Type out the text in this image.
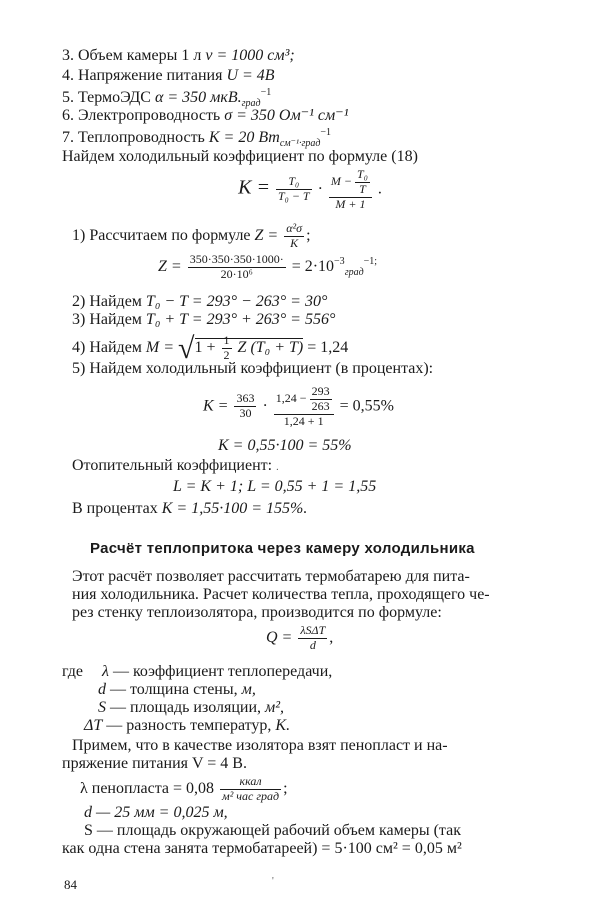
3. Объем камеры 1 л v = 1000 см³;
4. Напряжение питания U = 4В
5. ТермоЭДС α = 350 $мкВ._{град}^{-1}$
6. Электропроводность σ = 350 Ом⁻¹ см⁻¹
7. Теплопроводность K = 20 $Вт_{см^{-1}\cdot град}^{-1}$
Найдем холодильный коэффициент по формуле (18)
$K = \frac{\text{T₀}}{\text{T₀ − T}} \cdot \frac{M - \frac{\text{T₀}}{T}}{M + 1}$ .
1) Рассчитаем по формуле $Z = \frac{\text{α²σ}}{K}$ ;
$Z = \frac{350\cdot 350\cdot 350\cdot 1000\cdot}{\text{20·10⁶}} = 2\cdot 10^{-3}_{град}^{-1;}$
2) Найдем T₀ − T = 293° − 263° = 30°
3) Найдем T₀ + T = 293° + 263° = 556°
4) Найдем $M = √1 + \frac{1}{2}$ Z (T₀ + T) = 1,24
5) Найдем холодильный коэффициент (в процентах):
$K = \frac{363}{30} \cdot \frac{1,24 - \frac{293}{263}}{1,24 + 1} = 0,55\%$
K = 0,55·100 = 55%
Отопительный коэффициент: .
L = K + 1; L = 0,55 + 1 = 1,55
В процентах K = 1,55·100 = 155%.
Расчёт теплопритока через камеру холодильника
Этот расчёт позволяет рассчитать термобатарею для пита-
ния холодильника. Расчет количества тепла, проходящего че-
рез стенку теплоизолятора, производится по формуле:
$Q = \frac{\text{λSΔT}}{d}$ ,
где λ — коэффициент теплопередачи,
d — толщина стены, м,
S — площадь изоляции, м²,
ΔT — разность температур, K.
Примем, что в качестве изолятора взят пенопласт и на-
пряжение питания V = 4 В.
λ пенопласта = $0,08 \frac{\text{ккал}}{\text{м² час град}}$ ;
d — 25 мм = 0,025 м,
S — площадь окружающей рабочий объем камеры (так
как одна стена занята термобатареей) = 5·100 см² = 0,05 м²
84	'
